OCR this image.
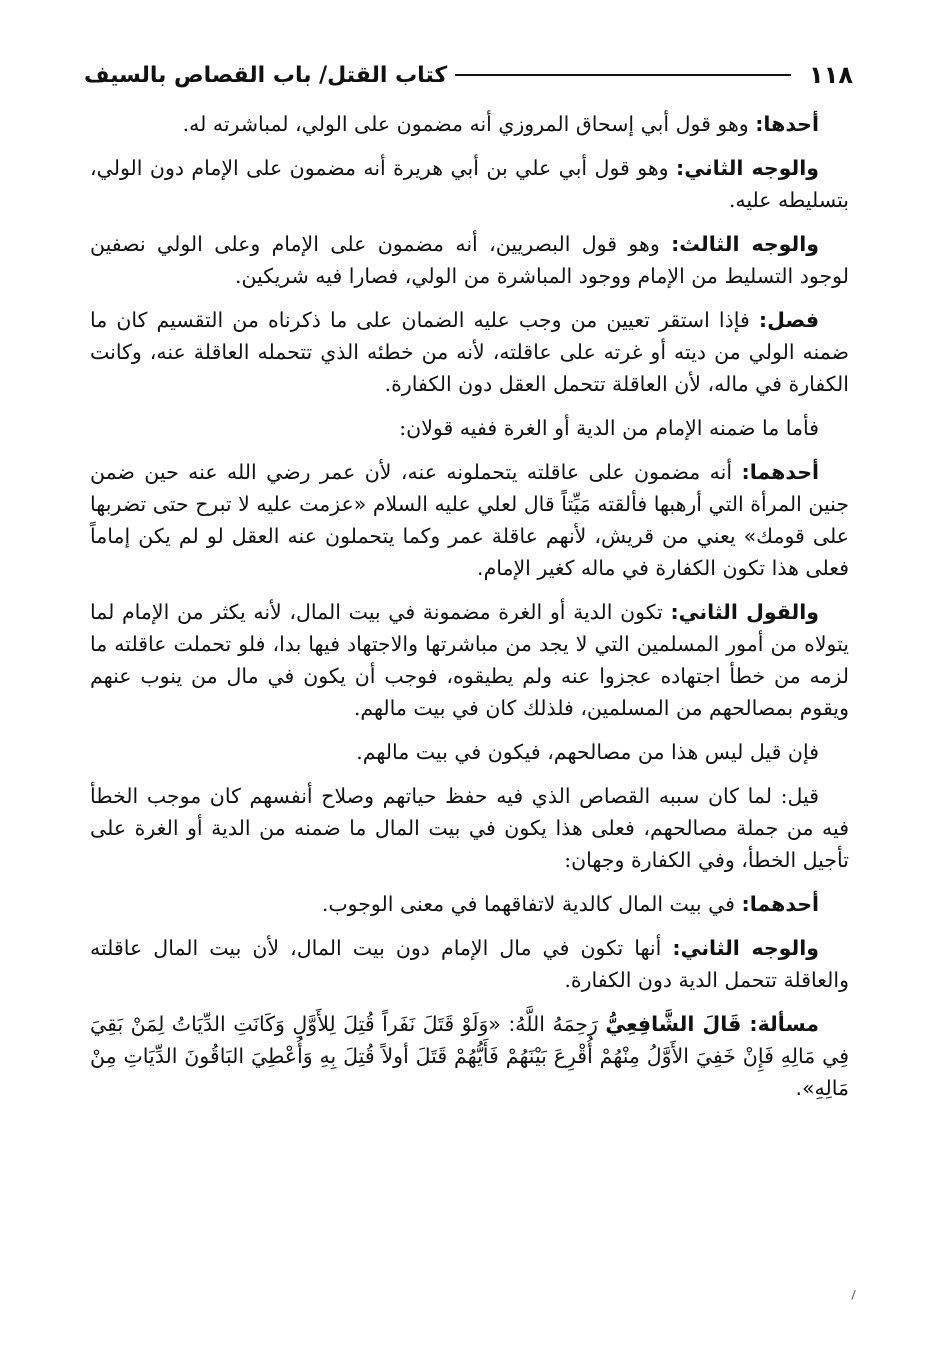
١١٨
كتاب القتل/ باب القصاص بالسيف

أحدها: وهو قول أبي إسحاق المروزي أنه مضمون على الولي، لمباشرته له.

والوجه الثاني: وهو قول أبي علي بن أبي هريرة أنه مضمون على الإمام دون الولي، بتسليطه عليه.

والوجه الثالث: وهو قول البصريين، أنه مضمون على الإمام وعلى الولي نصفين لوجود التسليط من الإمام ووجود المباشرة من الولي، فصارا فيه شريكين.

فصل: فإذا استقر تعيين من وجب عليه الضمان على ما ذكرناه من التقسيم كان ما ضمنه الولي من ديته أو غرته على عاقلته، لأنه من خطئه الذي تتحمله العاقلة عنه، وكانت الكفارة في ماله، لأن العاقلة تتحمل العقل دون الكفارة.

فأما ما ضمنه الإمام من الدية أو الغرة ففيه قولان:

أحدهما: أنه مضمون على عاقلته يتحملونه عنه، لأن عمر رضي الله عنه حين ضمن جنين المرأة التي أرهبها فألقته مَيِّتاً قال لعلي عليه السلام «عزمت عليه لا تبرح حتى تضربها على قومك» يعني من قريش، لأنهم عاقلة عمر وكما يتحملون عنه العقل لو لم يكن إماماً فعلى هذا تكون الكفارة في ماله كغير الإمام.

والقول الثاني: تكون الدية أو الغرة مضمونة في بيت المال، لأنه يكثر من الإمام لما يتولاه من أمور المسلمين التي لا يجد من مباشرتها والاجتهاد فيها بدا، فلو تحملت عاقلته ما لزمه من خطأ اجتهاده عجزوا عنه ولم يطيقوه، فوجب أن يكون في مال من ينوب عنهم ويقوم بمصالحهم من المسلمين، فلذلك كان في بيت مالهم.

فإن قيل ليس هذا من مصالحهم، فيكون في بيت مالهم.

قيل: لما كان سببه القصاص الذي فيه حفظ حياتهم وصلاح أنفسهم كان موجب الخطأ فيه من جملة مصالحهم، فعلى هذا يكون في بيت المال ما ضمنه من الدية أو الغرة على تأجيل الخطأ، وفي الكفارة وجهان:

أحدهما: في بيت المال كالدية لاتفاقهما في معنى الوجوب.

والوجه الثاني: أنها تكون في مال الإمام دون بيت المال، لأن بيت المال عاقلته والعاقلة تتحمل الدية دون الكفارة.

مسألة: قَالَ الشَّافِعِيُّ رَحِمَهُ اللَّهُ: «وَلَوْ قَتَلَ نَفَراً قُتِلَ لِلأَوَّلِ وَكَانَتِ الدِّيَاتُ لِمَنْ بَقِيَ فِي مَالِهِ فَإِنْ خَفِيَ الأَوَّلُ مِنْهُمْ أُقْرِعَ بَيْنَهُمْ فَأَيُّهُمْ قَتَلَ أولاً قُتِلَ بِهِ وَأُعْطِيَ البَاقُونَ الدِّيَاتِ مِنْ مَالِهِ».
